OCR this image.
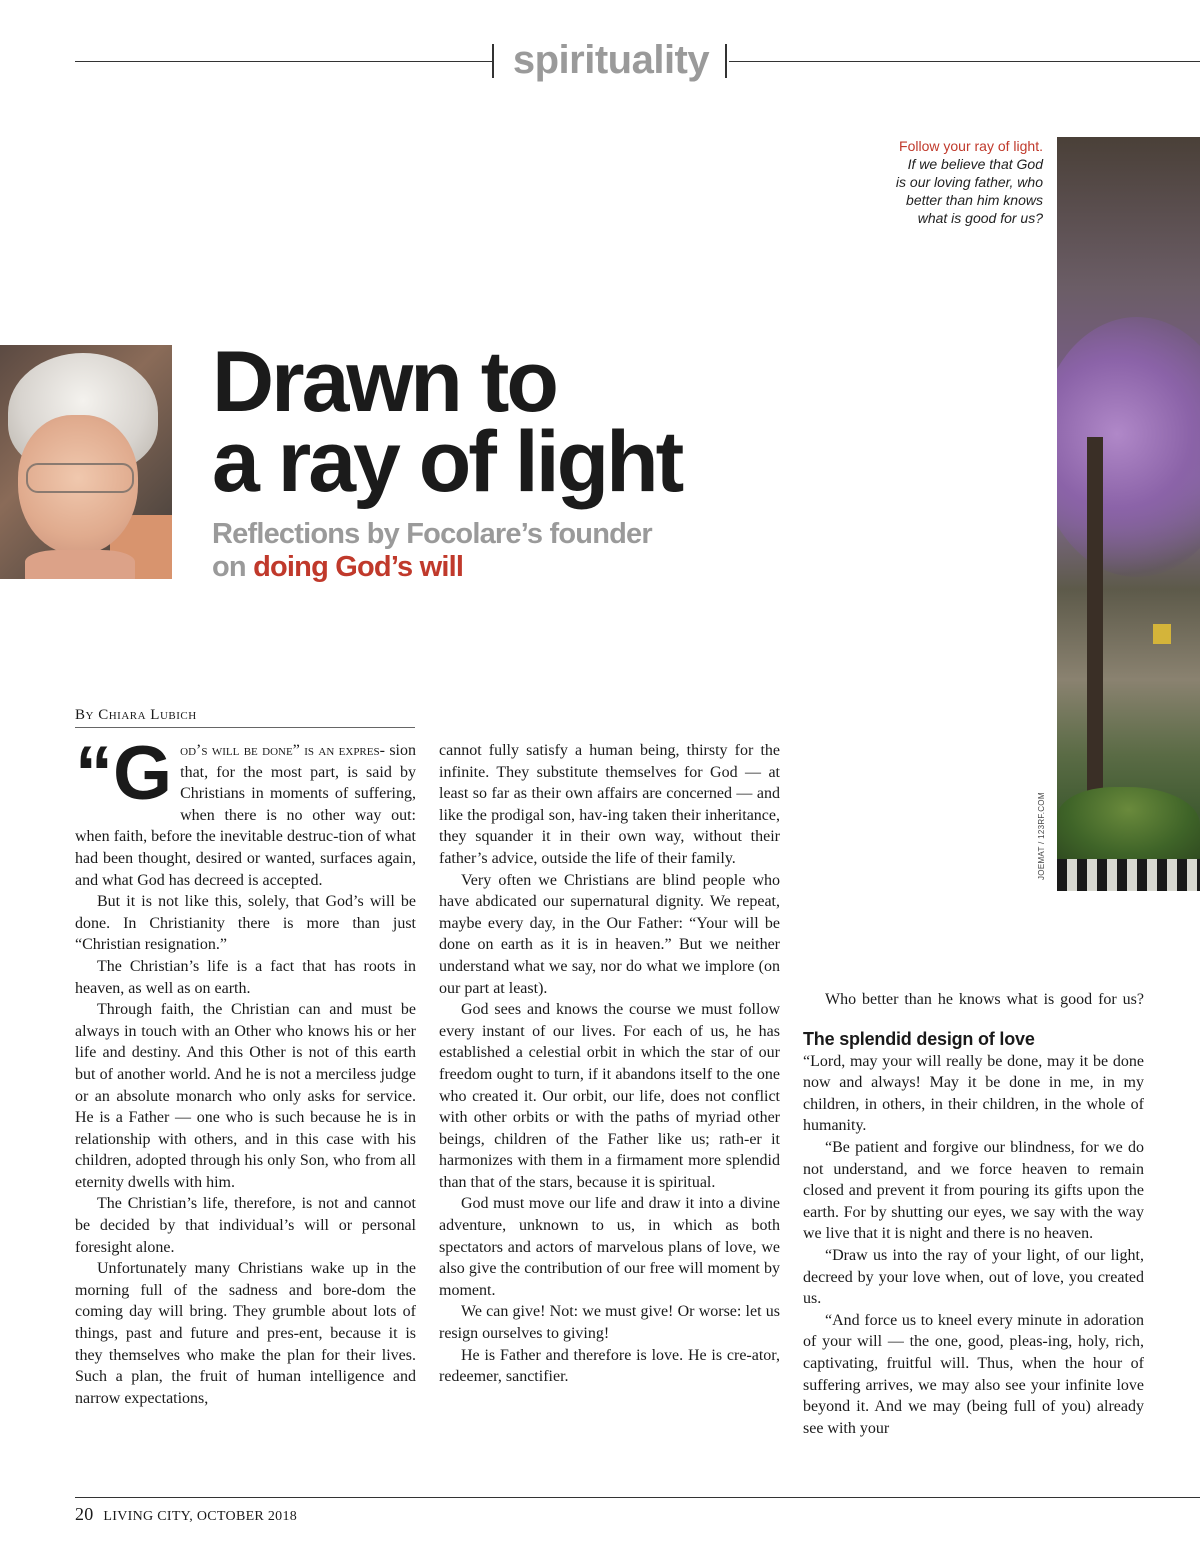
spirituality
Follow your ray of light.
If we believe that God
is our loving father, who
better than him knows
what is good for us?
JOEMAT / 123RF.COM
Drawn to
a ray of light
Reflections by Focolare’s founder
on doing God’s will
By Chiara Lubich

“God’s will be done” is an expres- sion that, for the most part, is said by Christians in moments of suffering, when there is no other way out: when faith, before the inevitable destruc-tion of what had been thought, desired or wanted, surfaces again, and what God has decreed is accepted.

But it is not like this, solely, that God’s will be done. In Christianity there is more than just “Christian resignation.”

The Christian’s life is a fact that has roots in heaven, as well as on earth.

Through faith, the Christian can and must be always in touch with an Other who knows his or her life and destiny. And this Other is not of this earth but of another world. And he is not a merciless judge or an absolute monarch who only asks for service. He is a Father — one who is such because he is in relationship with others, and in this case with his children, adopted through his only Son, who from all eternity dwells with him.

The Christian’s life, therefore, is not and cannot be decided by that individual’s will or personal foresight alone.

Unfortunately many Christians wake up in the morning full of the sadness and bore-dom the coming day will bring. They grumble about lots of things, past and future and pres-ent, because it is they themselves who make the plan for their lives. Such a plan, the fruit of human intelligence and narrow expectations,

cannot fully satisfy a human being, thirsty for the infinite. They substitute themselves for God — at least so far as their own affairs are concerned — and like the prodigal son, hav-ing taken their inheritance, they squander it in their own way, without their father’s advice, outside the life of their family.

Very often we Christians are blind people who have abdicated our supernatural dignity. We repeat, maybe every day, in the Our Father: “Your will be done on earth as it is in heaven.” But we neither understand what we say, nor do what we implore (on our part at least).

God sees and knows the course we must follow every instant of our lives. For each of us, he has established a celestial orbit in which the star of our freedom ought to turn, if it abandons itself to the one who created it. Our orbit, our life, does not conflict with other orbits or with the paths of myriad other beings, children of the Father like us; rath-er it harmonizes with them in a firmament more splendid than that of the stars, because it is spiritual.

God must move our life and draw it into a divine adventure, unknown to us, in which as both spectators and actors of marvelous plans of love, we also give the contribution of our free will moment by moment.

We can give! Not: we must give! Or worse: let us resign ourselves to giving!

He is Father and therefore is love. He is cre-ator, redeemer, sanctifier.

Who better than he knows what is good for us?

The splendid design of love

“Lord, may your will really be done, may it be done now and always! May it be done in me, in my children, in others, in their children, in the whole of humanity.

“Be patient and forgive our blindness, for we do not understand, and we force heaven to remain closed and prevent it from pouring its gifts upon the earth. For by shutting our eyes, we say with the way we live that it is night and there is no heaven.

“Draw us into the ray of your light, of our light, decreed by your love when, out of love, you created us.

“And force us to kneel every minute in adoration of your will — the one, good, pleas-ing, holy, rich, captivating, fruitful will. Thus, when the hour of suffering arrives, we may also see your infinite love beyond it. And we may (being full of you) already see with your

20 LIVING CITY, OCTOBER 2018
